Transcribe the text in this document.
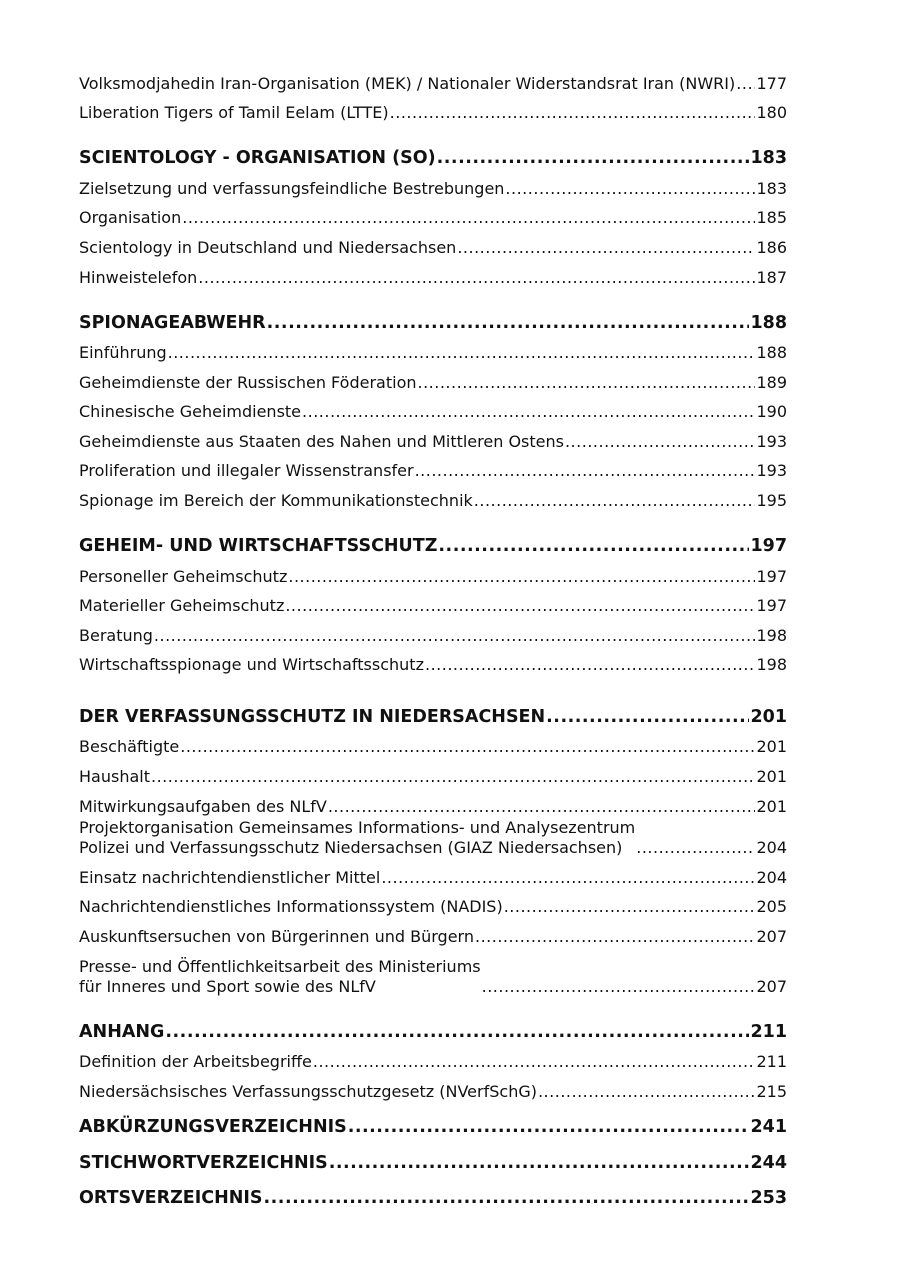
Volksmodjahedin Iran-Organisation (MEK) / Nationaler Widerstandsrat Iran (NWRI) ..... 177
Liberation Tigers of Tamil Eelam (LTTE) .....	180
SCIENTOLOGY - ORGANISATION (SO) .....	183
Zielsetzung und verfassungsfeindliche Bestrebungen .....	183
Organisation .....	185
Scientology in Deutschland und Niedersachsen .....	186
Hinweistelefon .....	187
SPIONAGEABWEHR .....	188
Einführung .....	188
Geheimdienste der Russischen Föderation .....	189
Chinesische Geheimdienste .....	190
Geheimdienste aus Staaten des Nahen und Mittleren Ostens .....	193
Proliferation und illegaler Wissenstransfer .....	193
Spionage im Bereich der Kommunikationstechnik .....	195
GEHEIM- UND WIRTSCHAFTSSCHUTZ .....	197
Personeller Geheimschutz .....	197
Materieller Geheimschutz .....	197
Beratung .....	198
Wirtschaftsspionage und Wirtschaftsschutz .....	198
DER VERFASSUNGSSCHUTZ IN NIEDERSACHSEN .....	201
Beschäftigte .....	201
Haushalt .....	201
Mitwirkungsaufgaben des NLfV .....	201
Projektorganisation Gemeinsames Informations- und Analysezentrum
Polizei und Verfassungsschutz Niedersachsen (GIAZ Niedersachsen) .....	204
Einsatz nachrichtendienstlicher Mittel .....	204
Nachrichtendienstliches Informationssystem (NADIS) .....	205
Auskunftsersuchen von Bürgerinnen und Bürgern .....	207
Presse- und Öffentlichkeitsarbeit des Ministeriums
für Inneres und Sport sowie des NLfV .....	207
ANHANG .....	211
Definition der Arbeitsbegriffe .....	211
Niedersächsisches Verfassungsschutzgesetz (NVerfSchG) .....	215
ABKÜRZUNGSVERZEICHNIS .....	241
STICHWORTVERZEICHNIS .....	244
ORTSVERZEICHNIS .....	253
